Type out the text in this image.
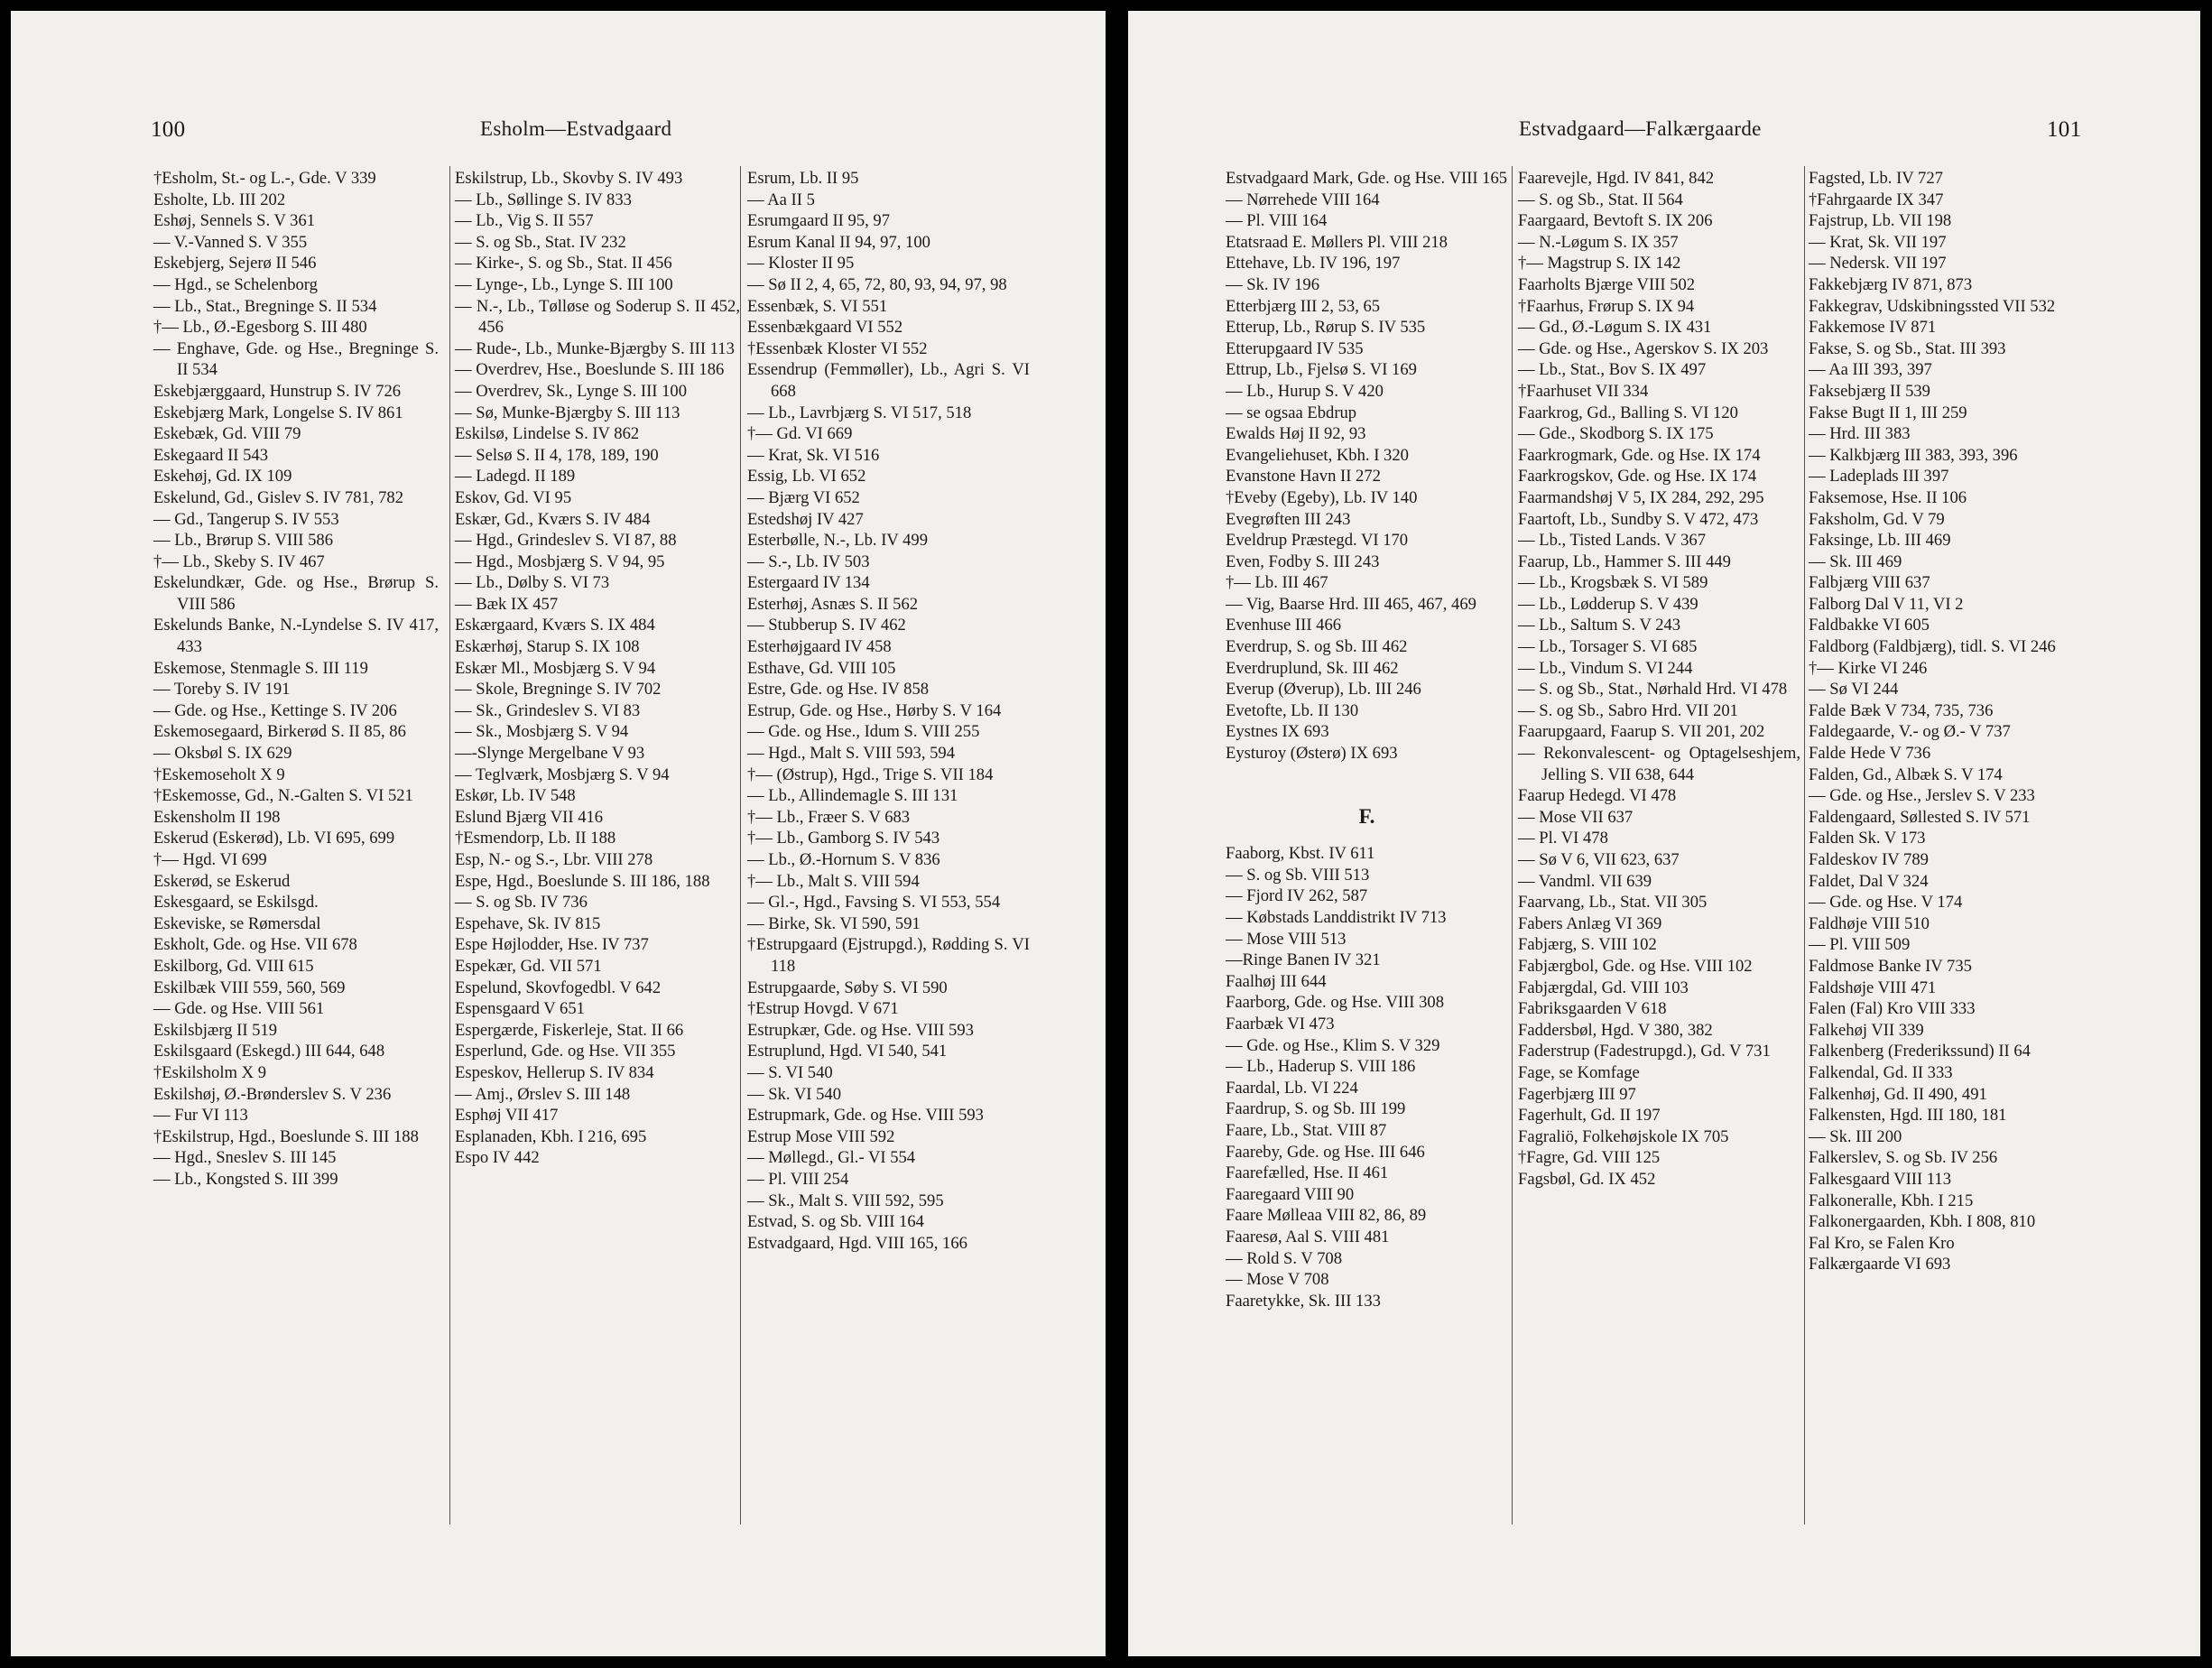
100	Esholm—Estvadgaard
†Esholm, St.- og L.-, Gde. V 339
Esholte, Lb. III 202
Eshøj, Sennels S. V 361
— V.-Vanned S. V 355
Eskebjerg, Sejerø II 546
— Hgd., se Schelenborg
— Lb., Stat., Bregninge S. II 534
†— Lb., Ø.-Egesborg S. III 480
— Enghave, Gde. og Hse., Bregninge S. II 534
Eskebjærggaard, Hunstrup S. IV 726
Eskebjærg Mark, Longelse S. IV 861
Eskebæk, Gd. VIII 79
Eskegaard II 543
Eskehøj, Gd. IX 109
Eskelund, Gd., Gislev S. IV 781, 782
— Gd., Tangerup S. IV 553
— Lb., Brørup S. VIII 586
†— Lb., Skeby S. IV 467
Eskelundkær, Gde. og Hse., Brørup S. VIII 586
Eskelunds Banke, N.-Lyndelse S. IV 417, 433
Eskemose, Stenmagle S. III 119
— Toreby S. IV 191
— Gde. og Hse., Kettinge S. IV 206
Eskemosegaard, Birkerød S. II 85, 86
— Oksbøl S. IX 629
†Eskemoseholt X 9
†Eskemosse, Gd., N.-Galten S. VI 521
Eskensholm II 198
Eskerud (Eskerød), Lb. VI 695, 699
†— Hgd. VI 699
Eskerød, se Eskerud
Eskesgaard, se Eskilsgd.
Eskeviske, se Rømersdal
Eskholt, Gde. og Hse. VII 678
Eskilborg, Gd. VIII 615
Eskilbæk VIII 559, 560, 569
— Gde. og Hse. VIII 561
Eskilsbjærg II 519
Eskilsgaard (Eskegd.) III 644, 648
†Eskilsholm X 9
Eskilshøj, Ø.-Brønderslev S. V 236
— Fur VI 113
†Eskilstrup, Hgd., Boeslunde S. III 188
— Hgd., Sneslev S. III 145
— Lb., Kongsted S. III 399
Eskilstrup, Lb., Skovby S. IV 493
— Lb., Søllinge S. IV 833
— Lb., Vig S. II 557
— S. og Sb., Stat. IV 232
— Kirke-, S. og Sb., Stat. II 456
— Lynge-, Lb., Lynge S. III 100
— N.-, Lb., Tølløse og Soderup S. II 452, 456
— Rude-, Lb., Munke-Bjærgby S. III 113
— Overdrev, Hse., Boeslunde S. III 186
— Overdrev, Sk., Lynge S. III 100
— Sø, Munke-Bjærgby S. III 113
Eskilsø, Lindelse S. IV 862
— Selsø S. II 4, 178, 189, 190
— Ladegd. II 189
Eskov, Gd. VI 95
Eskær, Gd., Kværs S. IV 484
— Hgd., Grindeslev S. VI 87, 88
— Hgd., Mosbjærg S. V 94, 95
— Lb., Dølby S. VI 73
— Bæk IX 457
Eskærgaard, Kværs S. IX 484
Eskærhøj, Starup S. IX 108
Eskær Ml., Mosbjærg S. V 94
— Skole, Bregninge S. IV 702
— Sk., Grindeslev S. VI 83
— Sk., Mosbjærg S. V 94
—-Slynge Mergelbane V 93
— Teglværk, Mosbjærg S. V 94
Eskør, Lb. IV 548
Eslund Bjærg VII 416
†Esmendorp, Lb. II 188
Esp, N.- og S.-, Lbr. VIII 278
Espe, Hgd., Boeslunde S. III 186, 188
— S. og Sb. IV 736
Espehave, Sk. IV 815
Espe Højlodder, Hse. IV 737
Espekær, Gd. VII 571
Espelund, Skovfogedbl. V 642
Espensgaard V 651
Espergærde, Fiskerleje, Stat. II 66
Esperlund, Gde. og Hse. VII 355
Espeskov, Hellerup S. IV 834
— Amj., Ørslev S. III 148
Esphøj VII 417
Esplanaden, Kbh. I 216, 695
Espo IV 442
Esrum, Lb. II 95
— Aa II 5
Esrumgaard II 95, 97
Esrum Kanal II 94, 97, 100
— Kloster II 95
— Sø II 2, 4, 65, 72, 80, 93, 94, 97, 98
Essenbæk, S. VI 551
Essenbækgaard VI 552
†Essenbæk Kloster VI 552
Essendrup (Femmøller), Lb., Agri S. VI 668
— Lb., Lavrbjærg S. VI 517, 518
†— Gd. VI 669
— Krat, Sk. VI 516
Essig, Lb. VI 652
— Bjærg VI 652
Estedshøj IV 427
Esterbølle, N.-, Lb. IV 499
— S.-, Lb. IV 503
Estergaard IV 134
Esterhøj, Asnæs S. II 562
— Stubberup S. IV 462
Esterhøjgaard IV 458
Esthave, Gd. VIII 105
Estre, Gde. og Hse. IV 858
Estrup, Gde. og Hse., Hørby S. V 164
— Gde. og Hse., Idum S. VIII 255
— Hgd., Malt S. VIII 593, 594
†— (Østrup), Hgd., Trige S. VII 184
— Lb., Allindemagle S. III 131
†— Lb., Fræer S. V 683
†— Lb., Gamborg S. IV 543
— Lb., Ø.-Hornum S. V 836
†— Lb., Malt S. VIII 594
— Gl.-, Hgd., Favsing S. VI 553, 554
— Birke, Sk. VI 590, 591
†Estrupgaard (Ejstrupgd.), Rødding S. VI 118
Estrupgaarde, Søby S. VI 590
†Estrup Hovgd. V 671
Estrupkær, Gde. og Hse. VIII 593
Estruplund, Hgd. VI 540, 541
— S. VI 540
— Sk. VI 540
Estrupmark, Gde. og Hse. VIII 593
Estrup Mose VIII 592
— Møllegd., Gl.- VI 554
— Pl. VIII 254
— Sk., Malt S. VIII 592, 595
Estvad, S. og Sb. VIII 164
Estvadgaard, Hgd. VIII 165, 166
Estvadgaard—Falkærgaarde	101
Estvadgaard Mark, Gde. og Hse. VIII 165
— Nørrehede VIII 164
— Pl. VIII 164
Etatsraad E. Møllers Pl. VIII 218
Ettehave, Lb. IV 196, 197
— Sk. IV 196
Etterbjærg III 2, 53, 65
Etterup, Lb., Rørup S. IV 535
Etterupgaard IV 535
Ettrup, Lb., Fjelsø S. VI 169
— Lb., Hurup S. V 420
— se ogsaa Ebdrup
Ewalds Høj II 92, 93
Evangeliehuset, Kbh. I 320
Evanstone Havn II 272
†Eveby (Egeby), Lb. IV 140
Evegrøften III 243
Eveldrup Præstegd. VI 170
Even, Fodby S. III 243
†— Lb. III 467
— Vig, Baarse Hrd. III 465, 467, 469
Evenhuse III 466
Everdrup, S. og Sb. III 462
Everdruplund, Sk. III 462
Everup (Øverup), Lb. III 246
Evetofte, Lb. II 130
Eystnes IX 693
Eysturoy (Østerø) IX 693
F.
Faaborg, Kbst. IV 611
— S. og Sb. VIII 513
— Fjord IV 262, 587
— Købstads Landdistrikt IV 713
— Mose VIII 513
—Ringe Banen IV 321
Faalhøj III 644
Faarborg, Gde. og Hse. VIII 308
Faarbæk VI 473
— Gde. og Hse., Klim S. V 329
— Lb., Haderup S. VIII 186
Faardal, Lb. VI 224
Faardrup, S. og Sb. III 199
Faare, Lb., Stat. VIII 87
Faareby, Gde. og Hse. III 646
Faarefælled, Hse. II 461
Faaregaard VIII 90
Faare Mølleaa VIII 82, 86, 89
Faaresø, Aal S. VIII 481
— Rold S. V 708
— Mose V 708
Faaretykke, Sk. III 133
Faarevejle, Hgd. IV 841, 842
— S. og Sb., Stat. II 564
Faargaard, Bevtoft S. IX 206
— N.-Løgum S. IX 357
†— Magstrup S. IX 142
Faarholts Bjærge VIII 502
†Faarhus, Frørup S. IX 94
— Gd., Ø.-Løgum S. IX 431
— Gde. og Hse., Agerskov S. IX 203
— Lb., Stat., Bov S. IX 497
†Faarhuset VII 334
Faarkrog, Gd., Balling S. VI 120
— Gde., Skodborg S. IX 175
Faarkrogmark, Gde. og Hse. IX 174
Faarkrogskov, Gde. og Hse. IX 174
Faarmandshøj V 5, IX 284, 292, 295
Faartoft, Lb., Sundby S. V 472, 473
— Lb., Tisted Lands. V 367
Faarup, Lb., Hammer S. III 449
— Lb., Krogsbæk S. VI 589
— Lb., Lødderup S. V 439
— Lb., Saltum S. V 243
— Lb., Torsager S. VI 685
— Lb., Vindum S. VI 244
— S. og Sb., Stat., Nørhald Hrd. VI 478
— S. og Sb., Sabro Hrd. VII 201
Faarupgaard, Faarup S. VII 201, 202
— Rekonvalescent- og Optagelseshjem, Jelling S. VII 638, 644
Faarup Hedegd. VI 478
— Mose VII 637
— Pl. VI 478
— Sø V 6, VII 623, 637
— Vandml. VII 639
Faarvang, Lb., Stat. VII 305
Fabers Anlæg VI 369
Fabjærg, S. VIII 102
Fabjærgbol, Gde. og Hse. VIII 102
Fabjærgdal, Gd. VIII 103
Fabriksgaarden V 618
Faddersbøl, Hgd. V 380, 382
Faderstrup (Fadestrupgd.), Gd. V 731
Fage, se Komfage
Fagerbjærg III 97
Fagerhult, Gd. II 197
Fagraliö, Folkehøjskole IX 705
†Fagre, Gd. VIII 125
Fagsbøl, Gd. IX 452
Fagsted, Lb. IV 727
†Fahrgaarde IX 347
Fajstrup, Lb. VII 198
— Krat, Sk. VII 197
— Nedersk. VII 197
Fakkebjærg IV 871, 873
Fakkegrav, Udskibningssted VII 532
Fakkemose IV 871
Fakse, S. og Sb., Stat. III 393
— Aa III 393, 397
Faksebjærg II 539
Fakse Bugt II 1, III 259
— Hrd. III 383
— Kalkbjærg III 383, 393, 396
— Ladeplads III 397
Faksemose, Hse. II 106
Faksholm, Gd. V 79
Faksinge, Lb. III 469
— Sk. III 469
Falbjærg VIII 637
Falborg Dal V 11, VI 2
Faldbakke VI 605
Faldborg (Faldbjærg), tidl. S. VI 246
†— Kirke VI 246
— Sø VI 244
Falde Bæk V 734, 735, 736
Faldegaarde, V.- og Ø.- V 737
Falde Hede V 736
Falden, Gd., Albæk S. V 174
— Gde. og Hse., Jerslev S. V 233
Faldengaard, Søllested S. IV 571
Falden Sk. V 173
Faldeskov IV 789
Faldet, Dal V 324
— Gde. og Hse. V 174
Faldhøje VIII 510
— Pl. VIII 509
Faldmose Banke IV 735
Faldshøje VIII 471
Falen (Fal) Kro VIII 333
Falkehøj VII 339
Falkenberg (Frederikssund) II 64
Falkendal, Gd. II 333
Falkenhøj, Gd. II 490, 491
Falkensten, Hgd. III 180, 181
— Sk. III 200
Falkerslev, S. og Sb. IV 256
Falkesgaard VIII 113
Falkoneralle, Kbh. I 215
Falkonergaarden, Kbh. I 808, 810
Fal Kro, se Falen Kro
Falkærgaarde VI 693
